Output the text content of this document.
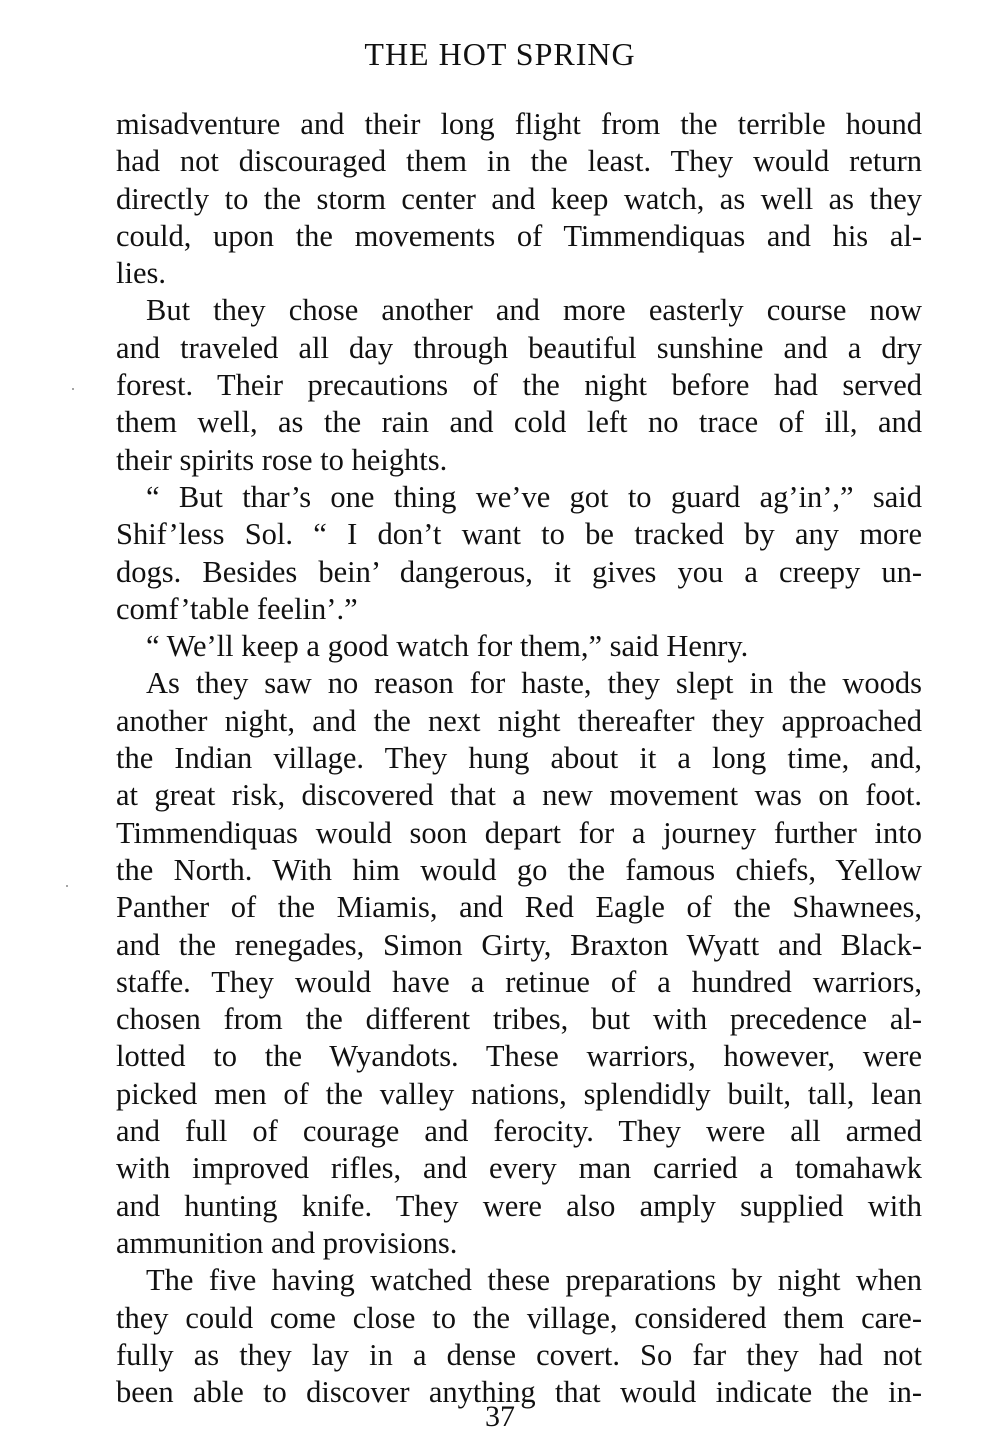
THE HOT SPRING
misadventure and their long flight from the terrible hound
had not discouraged them in the least. They would return
directly to the storm center and keep watch, as well as they
could, upon the movements of Timmendiquas and his al-
lies.
But they chose another and more easterly course now
and traveled all day through beautiful sunshine and a dry
forest. Their precautions of the night before had served
them well, as the rain and cold left no trace of ill, and
their spirits rose to heights.
“ But thar’s one thing we’ve got to guard ag’in’,” said
Shif’less Sol. “ I don’t want to be tracked by any more
dogs. Besides bein’ dangerous, it gives you a creepy un-
comf’table feelin’.”
“ We’ll keep a good watch for them,” said Henry.
As they saw no reason for haste, they slept in the woods
another night, and the next night thereafter they approached
the Indian village. They hung about it a long time, and,
at great risk, discovered that a new movement was on foot.
Timmendiquas would soon depart for a journey further into
the North. With him would go the famous chiefs, Yellow
Panther of the Miamis, and Red Eagle of the Shawnees,
and the renegades, Simon Girty, Braxton Wyatt and Black-
staffe. They would have a retinue of a hundred warriors,
chosen from the different tribes, but with precedence al-
lotted to the Wyandots. These warriors, however, were
picked men of the valley nations, splendidly built, tall, lean
and full of courage and ferocity. They were all armed
with improved rifles, and every man carried a tomahawk
and hunting knife. They were also amply supplied with
ammunition and provisions.
The five having watched these preparations by night when
they could come close to the village, considered them care-
fully as they lay in a dense covert. So far they had not
been able to discover anything that would indicate the in-
37
